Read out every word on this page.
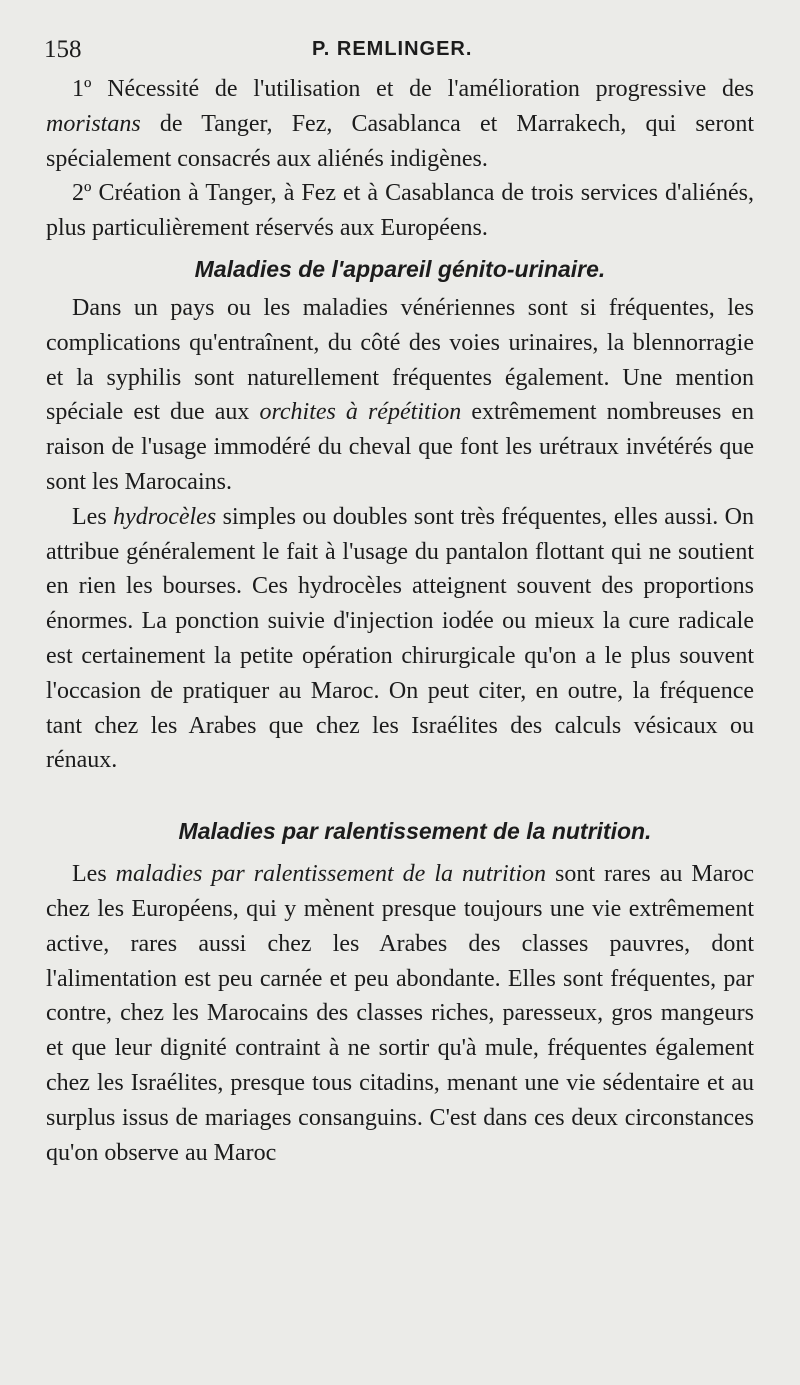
158	P. REMLINGER.

1º Nécessité de l'utilisation et de l'amélioration progressive des moristans de Tanger, Fez, Casablanca et Marrakech, qui seront spécialement consacrés aux aliénés indigènes.

2º Création à Tanger, à Fez et à Casablanca de trois services d'aliénés, plus particulièrement réservés aux Européens.

Maladies de l'appareil génito-urinaire.

Dans un pays ou les maladies vénériennes sont si fréquentes, les complications qu'entraînent, du côté des voies urinaires, la blennorragie et la syphilis sont naturellement fréquentes également. Une mention spéciale est due aux orchites à répétition extrêmement nombreuses en raison de l'usage immodéré du cheval que font les urétraux invétérés que sont les Marocains.

Les hydrocèles simples ou doubles sont très fréquentes, elles aussi. On attribue généralement le fait à l'usage du pantalon flottant qui ne soutient en rien les bourses. Ces hydrocèles atteignent souvent des proportions énormes. La ponction suivie d'injection iodée ou mieux la cure radicale est certainement la petite opération chirurgicale qu'on a le plus souvent l'occasion de pratiquer au Maroc. On peut citer, en outre, la fréquence tant chez les Arabes que chez les Israélites des calculs vésicaux ou rénaux.

Maladies par ralentissement de la nutrition.

Les maladies par ralentissement de la nutrition sont rares au Maroc chez les Européens, qui y mènent presque toujours une vie extrêmement active, rares aussi chez les Arabes des classes pauvres, dont l'alimentation est peu carnée et peu abondante. Elles sont fréquentes, par contre, chez les Marocains des classes riches, paresseux, gros mangeurs et que leur dignité contraint à ne sortir qu'à mule, fréquentes également chez les Israélites, presque tous citadins, menant une vie sédentaire et au surplus issus de mariages consanguins. C'est dans ces deux circonstances qu'on observe au Maroc
